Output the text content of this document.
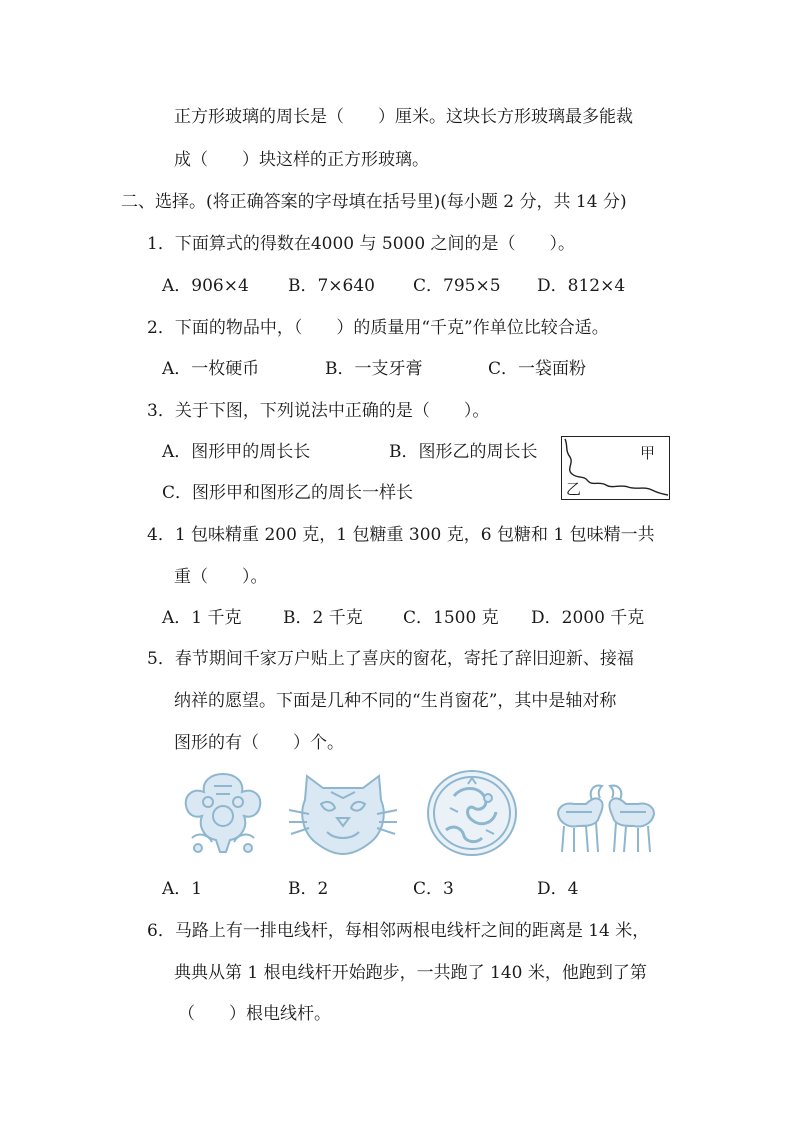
正方形玻璃的周长是（　　）厘米。这块长方形玻璃最多能裁
成（　　）块这样的正方形玻璃。
二、选择。(将正确答案的字母填在括号里)(每小题 2 分，共 14 分)
1．下面算式的得数在4000 与 5000 之间的是（　　）。
A．906×4 B．7×640 C．795×5 D．812×4
2．下面的物品中，（　　）的质量用“千克”作单位比较合适。
A．一枚硬币	B．一支牙膏	C．一袋面粉
3．关于下图，下列说法中正确的是（　　）。
A．图形甲的周长长	B．图形乙的周长长
C．图形甲和图形乙的周长一样长
甲
乙
4．1 包味精重 200 克，1 包糖重 300 克，6 包糖和 1 包味精一共
重（　　）。
A．1 千克 B．2 千克 C．1500 克 D．2000 千克
5．春节期间千家万户贴上了喜庆的窗花，寄托了辞旧迎新、接福
纳祥的愿望。下面是几种不同的“生肖窗花”，其中是轴对称
图形的有（　　）个。
A．1	B．2	C．3	D．4
6．马路上有一排电线杆，每相邻两根电线杆之间的距离是 14 米，
典典从第 1 根电线杆开始跑步，一共跑了 140 米，他跑到了第
（　　）根电线杆。
